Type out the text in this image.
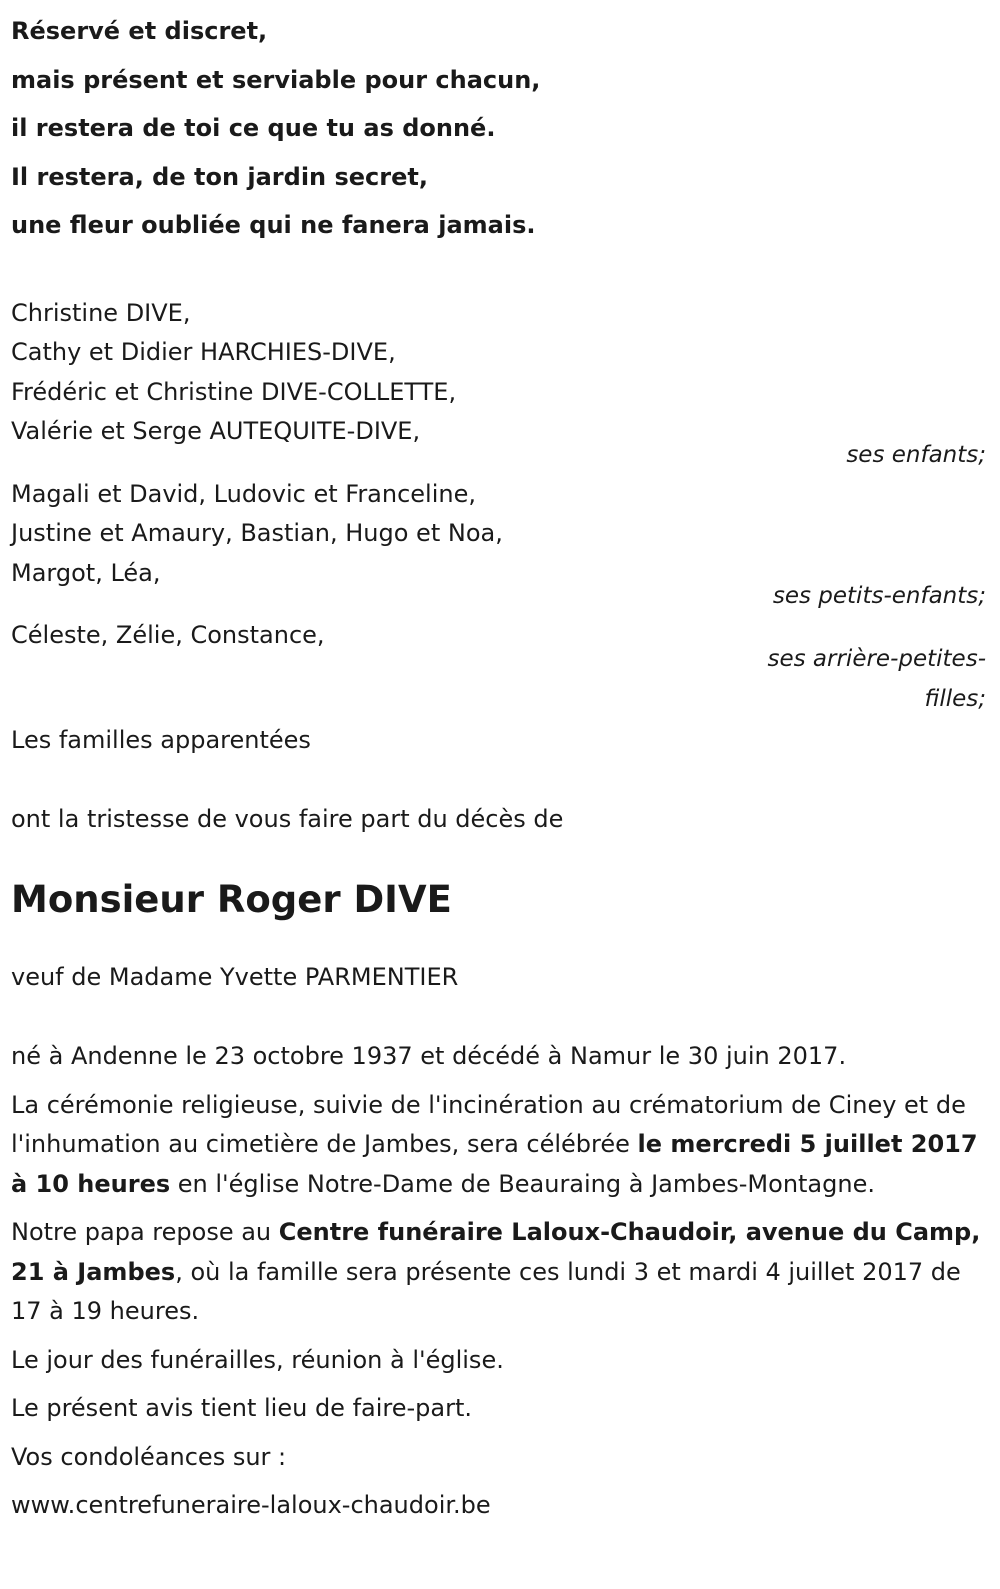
Réservé et discret,
mais présent et serviable pour chacun,
il restera de toi ce que tu as donné.
Il restera, de ton jardin secret,
une fleur oubliée qui ne fanera jamais.
Christine DIVE,
Cathy et Didier HARCHIES-DIVE,
Frédéric et Christine DIVE-COLLETTE,
Valérie et Serge AUTEQUITE-DIVE,
ses enfants;
Magali et David, Ludovic et Franceline,
Justine et Amaury, Bastian, Hugo et Noa,
Margot, Léa,
ses petits-enfants;
Céleste, Zélie, Constance,
ses arrière-petites-
filles;

Les familles apparentées

ont la tristesse de vous faire part du décès de

Monsieur Roger DIVE

veuf de Madame Yvette PARMENTIER

né à Andenne le 23 octobre 1937 et décédé à Namur le 30 juin 2017.

La cérémonie religieuse, suivie de l'incinération au crématorium de Ciney et de l'inhumation au cimetière de Jambes, sera célébrée le mercredi 5 juillet 2017 à 10 heures en l'église Notre-Dame de Beauraing à Jambes-Montagne.

Notre papa repose au Centre funéraire Laloux-Chaudoir, avenue du Camp, 21 à Jambes, où la famille sera présente ces lundi 3 et mardi 4 juillet 2017 de 17 à 19 heures.

Le jour des funérailles, réunion à l'église.

Le présent avis tient lieu de faire-part.

Vos condoléances sur :

www.centrefuneraire-laloux-chaudoir.be
